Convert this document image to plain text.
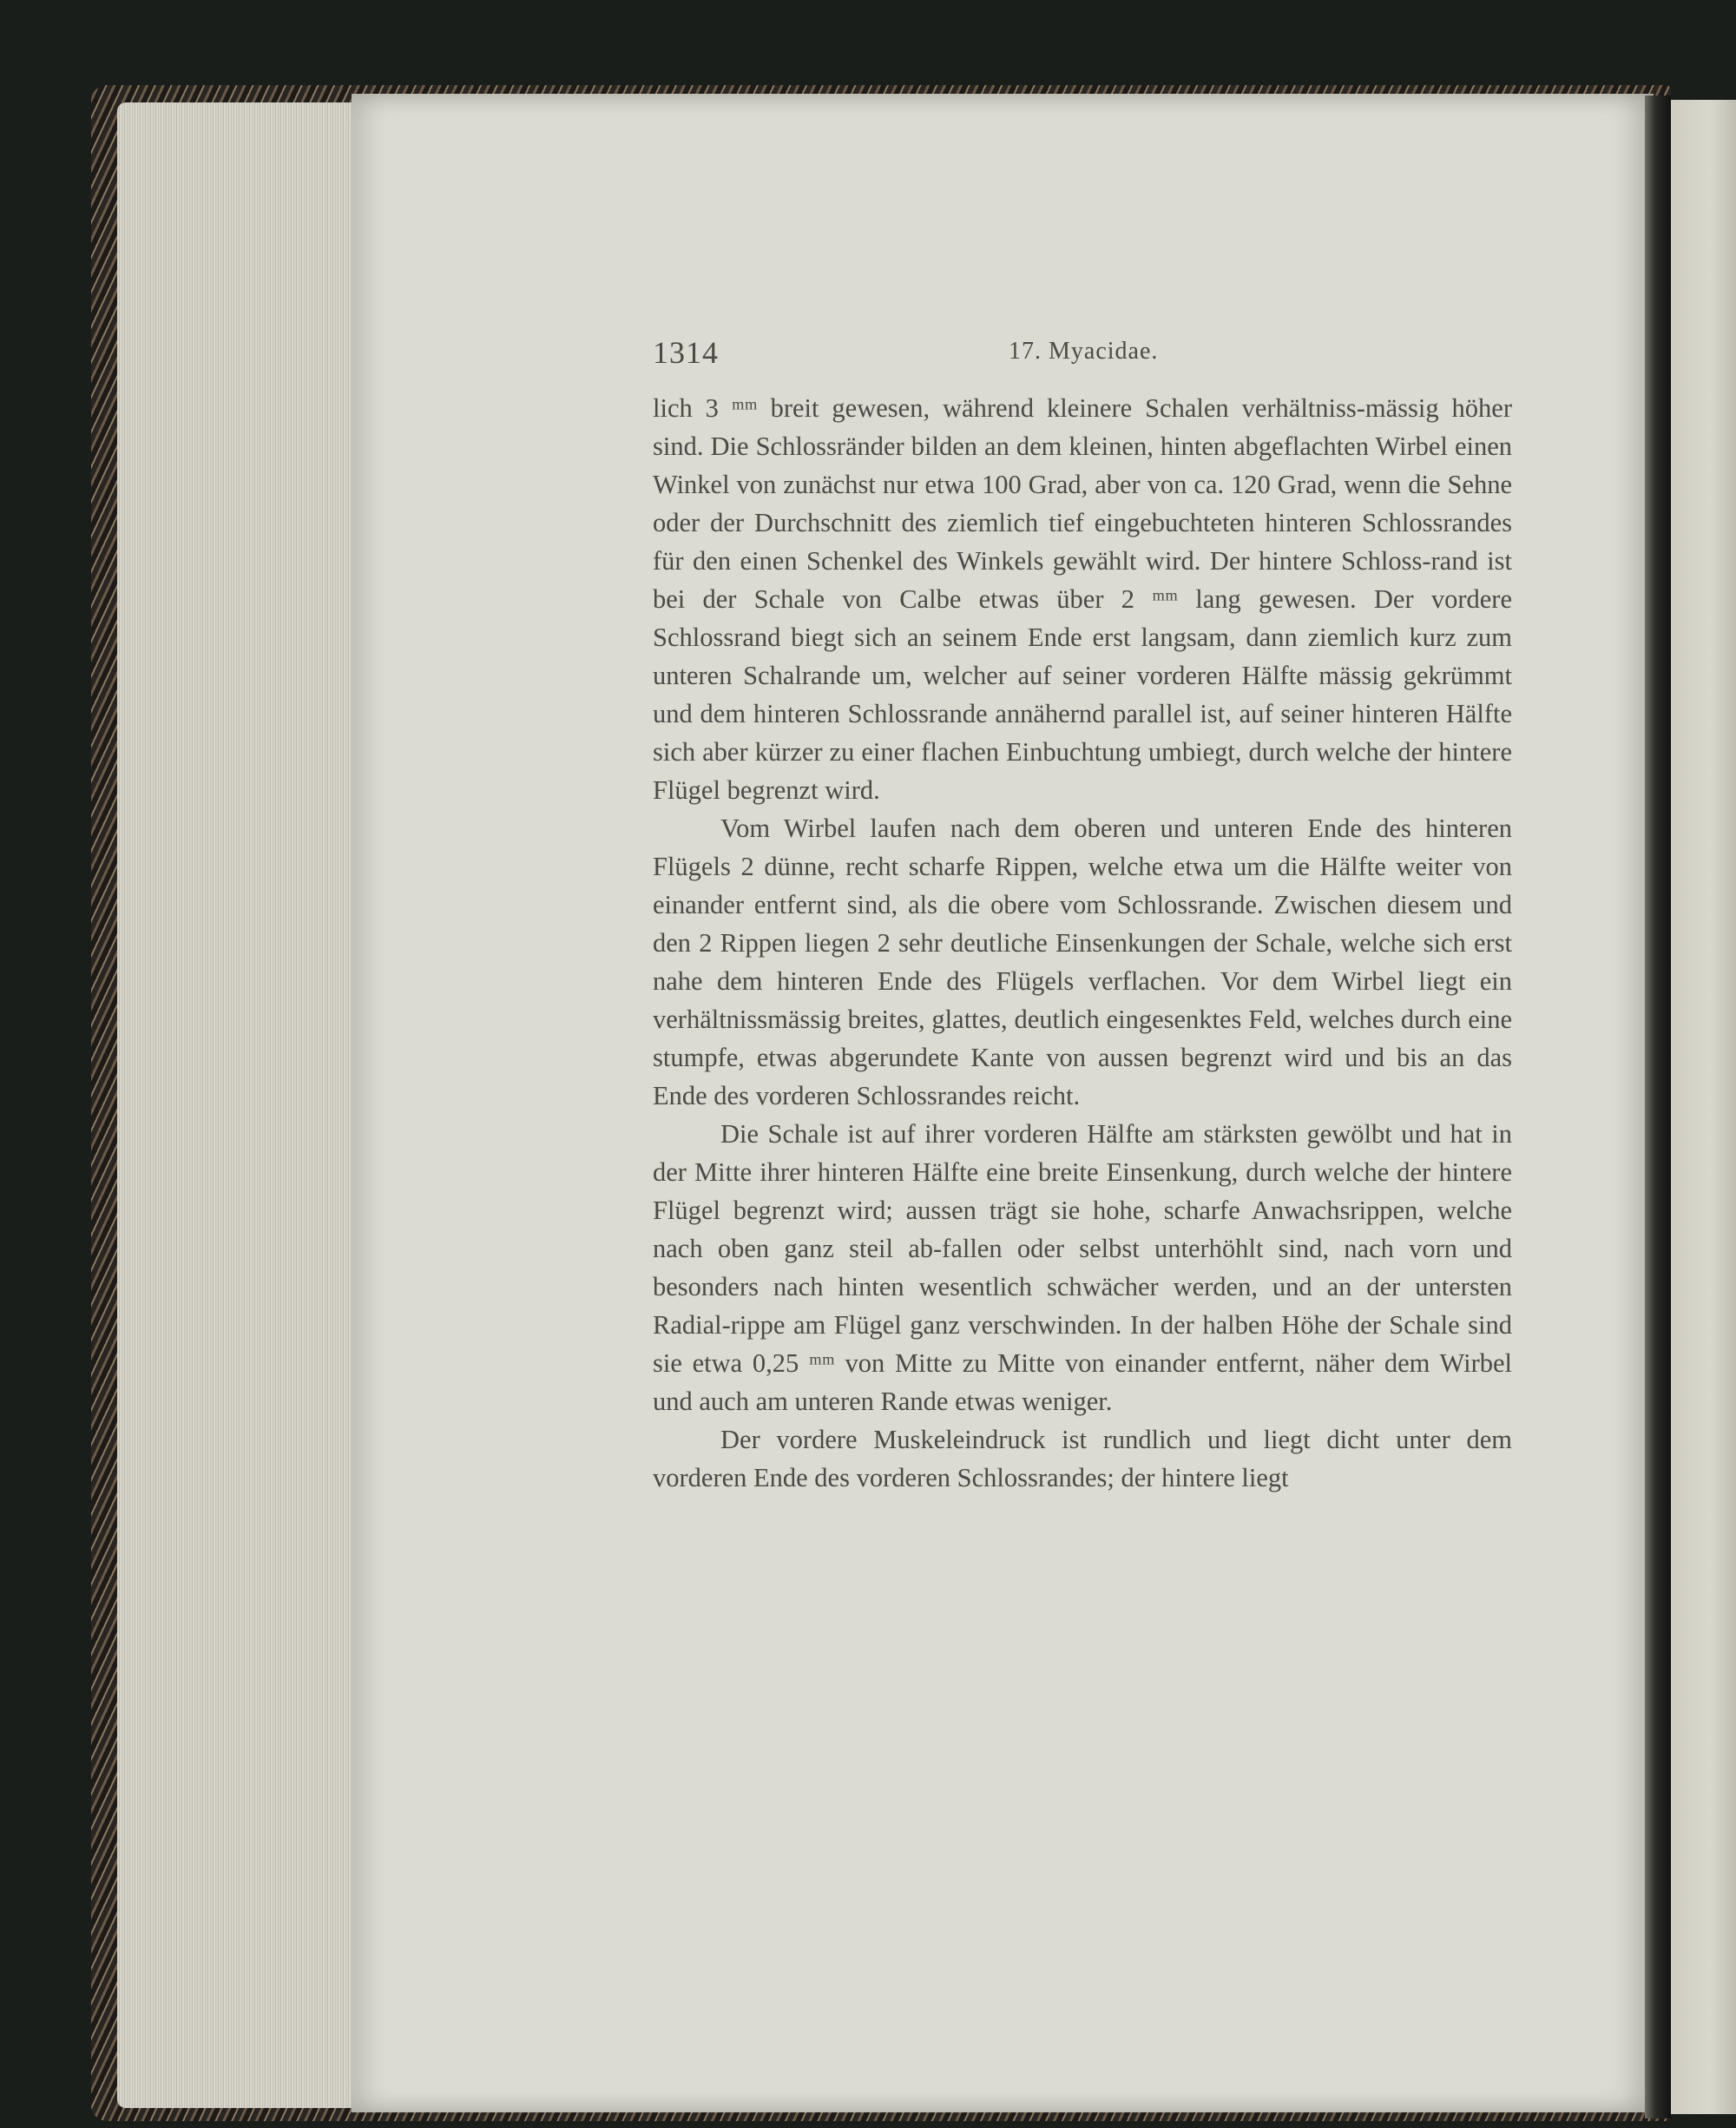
1314	17. Myacidae.

lich 3 ᵐᵐ breit gewesen, während kleinere Schalen verhältniss-mässig höher sind. Die Schlossränder bilden an dem kleinen, hinten abgeflachten Wirbel einen Winkel von zunächst nur etwa 100 Grad, aber von ca. 120 Grad, wenn die Sehne oder der Durchschnitt des ziemlich tief eingebuchteten hinteren Schlossrandes für den einen Schenkel des Winkels gewählt wird. Der hintere Schloss-rand ist bei der Schale von Calbe etwas über 2 ᵐᵐ lang gewesen. Der vordere Schlossrand biegt sich an seinem Ende erst langsam, dann ziemlich kurz zum unteren Schalrande um, welcher auf seiner vorderen Hälfte mässig gekrümmt und dem hinteren Schlossrande annähernd parallel ist, auf seiner hinteren Hälfte sich aber kürzer zu einer flachen Einbuchtung umbiegt, durch welche der hintere Flügel begrenzt wird.

Vom Wirbel laufen nach dem oberen und unteren Ende des hinteren Flügels 2 dünne, recht scharfe Rippen, welche etwa um die Hälfte weiter von einander entfernt sind, als die obere vom Schlossrande. Zwischen diesem und den 2 Rippen liegen 2 sehr deutliche Einsenkungen der Schale, welche sich erst nahe dem hinteren Ende des Flügels verflachen. Vor dem Wirbel liegt ein verhältnissmässig breites, glattes, deutlich eingesenktes Feld, welches durch eine stumpfe, etwas abgerundete Kante von aussen begrenzt wird und bis an das Ende des vorderen Schlossrandes reicht.

Die Schale ist auf ihrer vorderen Hälfte am stärksten gewölbt und hat in der Mitte ihrer hinteren Hälfte eine breite Einsenkung, durch welche der hintere Flügel begrenzt wird; aussen trägt sie hohe, scharfe Anwachsrippen, welche nach oben ganz steil ab-fallen oder selbst unterhöhlt sind, nach vorn und besonders nach hinten wesentlich schwächer werden, und an der untersten Radial-rippe am Flügel ganz verschwinden. In der halben Höhe der Schale sind sie etwa 0,25 ᵐᵐ von Mitte zu Mitte von einander entfernt, näher dem Wirbel und auch am unteren Rande etwas weniger.

Der vordere Muskeleindruck ist rundlich und liegt dicht unter dem vorderen Ende des vorderen Schlossrandes; der hintere liegt
